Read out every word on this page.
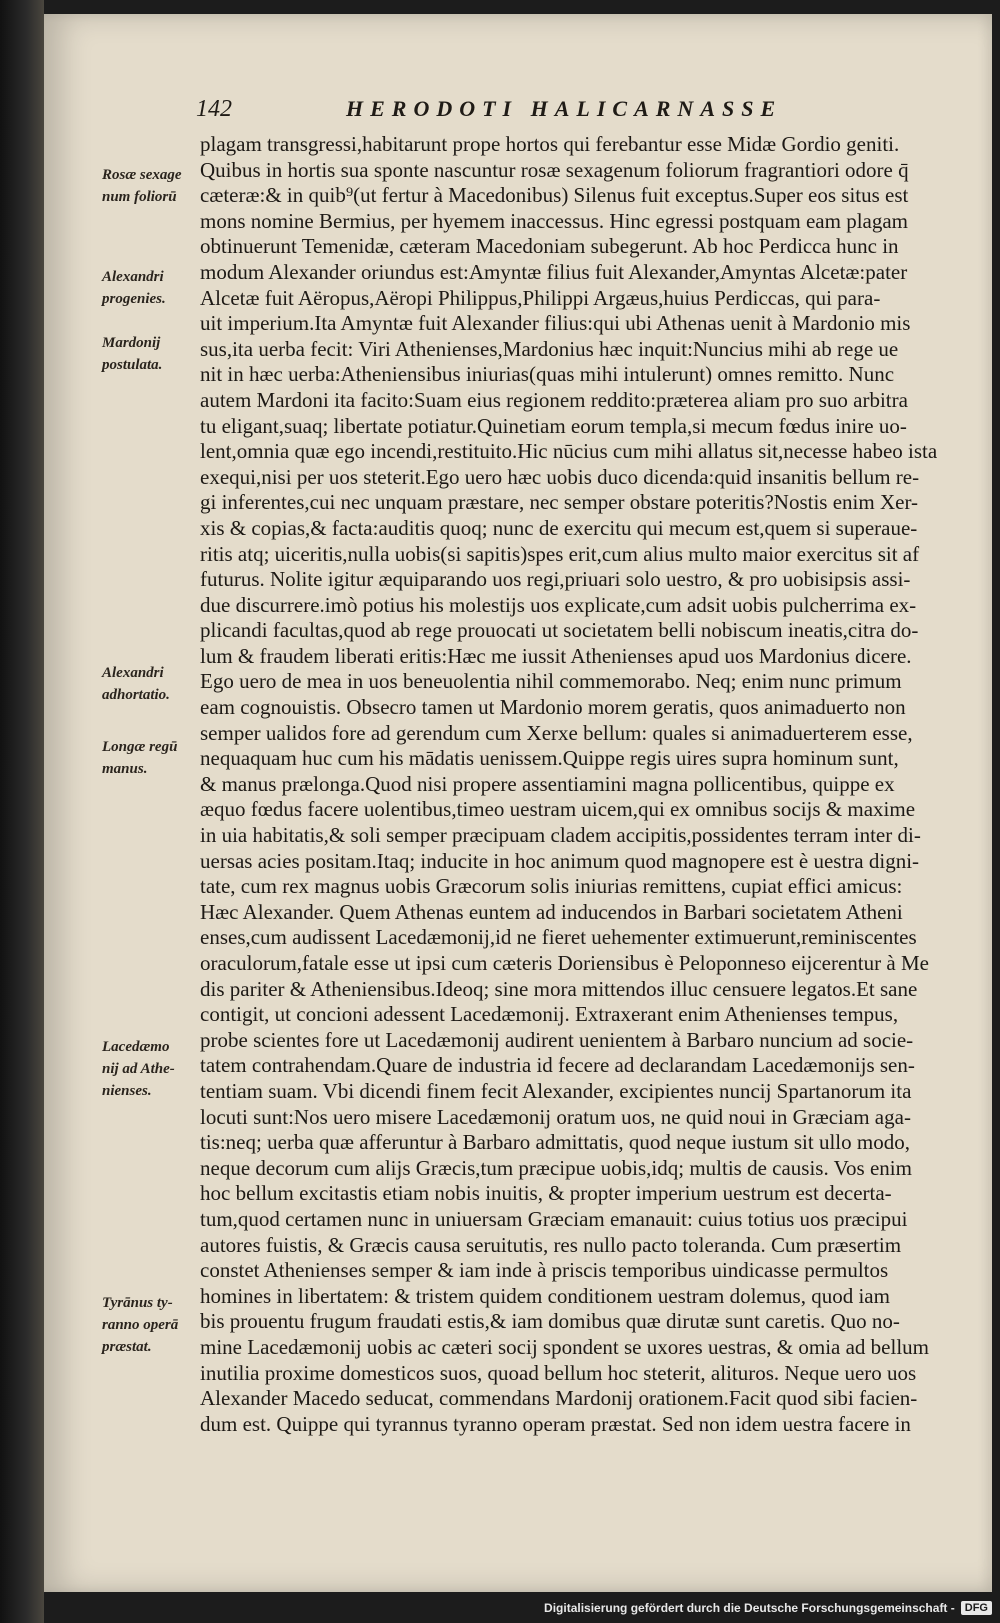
142	HERODOTI HALICARNASSE
Rosæ sexage
num foliorū
Alexandri
progenies.
Mardonij
postulata.
Alexandri
adhortatio.
Longæ regū
manus.
Lacedæmo
nij ad Athe-
nienses.
Tyrānus ty-
ranno operā
præstat.
plagam transgressi,habitarunt prope hortos qui ferebantur esse Midæ Gordio geniti.
Quibus in hortis sua sponte nascuntur rosæ sexagenum foliorum fragrantiori odore q̄
cæteræ:& in quib⁹(ut fertur à Macedonibus) Silenus fuit exceptus.Super eos situs est
mons nomine Bermius, per hyemem inaccessus. Hinc egressi postquam eam plagam
obtinuerunt Temenidæ, cæteram Macedoniam subegerunt. Ab hoc Perdicca hunc in
modum Alexander oriundus est:Amyntæ filius fuit Alexander,Amyntas Alcetæ:pater
Alcetæ fuit Aëropus,Aëropi Philippus,Philippi Argæus,huius Perdiccas, qui para-
uit imperium.Ita Amyntæ fuit Alexander filius:qui ubi Athenas uenit à Mardonio mis
sus,ita uerba fecit: Viri Athenienses,Mardonius hæc inquit:Nuncius mihi ab rege ue
nit in hæc uerba:Atheniensibus iniurias(quas mihi intulerunt) omnes remitto. Nunc
autem Mardoni ita facito:Suam eius regionem reddito:præterea aliam pro suo arbitra
tu eligant,suaq; libertate potiatur.Quinetiam eorum templa,si mecum fœdus inire uo-
lent,omnia quæ ego incendi,restituito.Hic nūcius cum mihi allatus sit,necesse habeo ista
exequi,nisi per uos steterit.Ego uero hæc uobis duco dicenda:quid insanitis bellum re-
gi inferentes,cui nec unquam præstare, nec semper obstare poteritis?Nostis enim Xer-
xis & copias,& facta:auditis quoq; nunc de exercitu qui mecum est,quem si superaue-
ritis atq; uiceritis,nulla uobis(si sapitis)spes erit,cum alius multo maior exercitus sit af
futurus. Nolite igitur æquiparando uos regi,priuari solo uestro, & pro uobisipsis assi-
due discurrere.imò potius his molestijs uos explicate,cum adsit uobis pulcherrima ex-
plicandi facultas,quod ab rege prouocati ut societatem belli nobiscum ineatis,citra do-
lum & fraudem liberati eritis:Hæc me iussit Athenienses apud uos Mardonius dicere.
Ego uero de mea in uos beneuolentia nihil commemorabo. Neq; enim nunc primum
eam cognouistis. Obsecro tamen ut Mardonio morem geratis, quos animaduerto non
semper ualidos fore ad gerendum cum Xerxe bellum: quales si animaduerterem esse,
nequaquam huc cum his mādatis uenissem.Quippe regis uires supra hominum sunt,
& manus prælonga.Quod nisi propere assentiamini magna pollicentibus, quippe ex
æquo fœdus facere uolentibus,timeo uestram uicem,qui ex omnibus socijs & maxime
in uia habitatis,& soli semper præcipuam cladem accipitis,possidentes terram inter di-
uersas acies positam.Itaq; inducite in hoc animum quod magnopere est è uestra digni-
tate, cum rex magnus uobis Græcorum solis iniurias remittens, cupiat effici amicus:
Hæc Alexander. Quem Athenas euntem ad inducendos in Barbari societatem Atheni
enses,cum audissent Lacedæmonij,id ne fieret uehementer extimuerunt,reminiscentes
oraculorum,fatale esse ut ipsi cum cæteris Doriensibus è Peloponneso eijcerentur à Me
dis pariter & Atheniensibus.Ideoq; sine mora mittendos illuc censuere legatos.Et sane
contigit, ut concioni adessent Lacedæmonij. Extraxerant enim Athenienses tempus,
probe scientes fore ut Lacedæmonij audirent uenientem à Barbaro nuncium ad socie-
tatem contrahendam.Quare de industria id fecere ad declarandam Lacedæmonijs sen-
tentiam suam. Vbi dicendi finem fecit Alexander, excipientes nuncij Spartanorum ita
locuti sunt:Nos uero misere Lacedæmonij oratum uos, ne quid noui in Græciam aga-
tis:neq; uerba quæ afferuntur à Barbaro admittatis, quod neque iustum sit ullo modo,
neque decorum cum alijs Græcis,tum præcipue uobis,idq; multis de causis. Vos enim
hoc bellum excitastis etiam nobis inuitis, & propter imperium uestrum est decerta-
tum,quod certamen nunc in uniuersam Græciam emanauit: cuius totius uos præcipui
autores fuistis, & Græcis causa seruitutis, res nullo pacto toleranda. Cum præsertim
constet Athenienses semper & iam inde à priscis temporibus uindicasse permultos
homines in libertatem: & tristem quidem conditionem uestram dolemus, quod iam
bis prouentu frugum fraudati estis,& iam domibus quæ dirutæ sunt caretis. Quo no-
mine Lacedæmonij uobis ac cæteri socij spondent se uxores uestras, & omia ad bellum
inutilia proxime domesticos suos, quoad bellum hoc steterit, alituros. Neque uero uos
Alexander Macedo seducat, commendans Mardonij orationem.Facit quod sibi facien-
dum est. Quippe qui tyrannus tyranno operam præstat. Sed non idem uestra facere in
Digitalisierung gefördert durch die Deutsche Forschungsgemeinschaft - DFG
